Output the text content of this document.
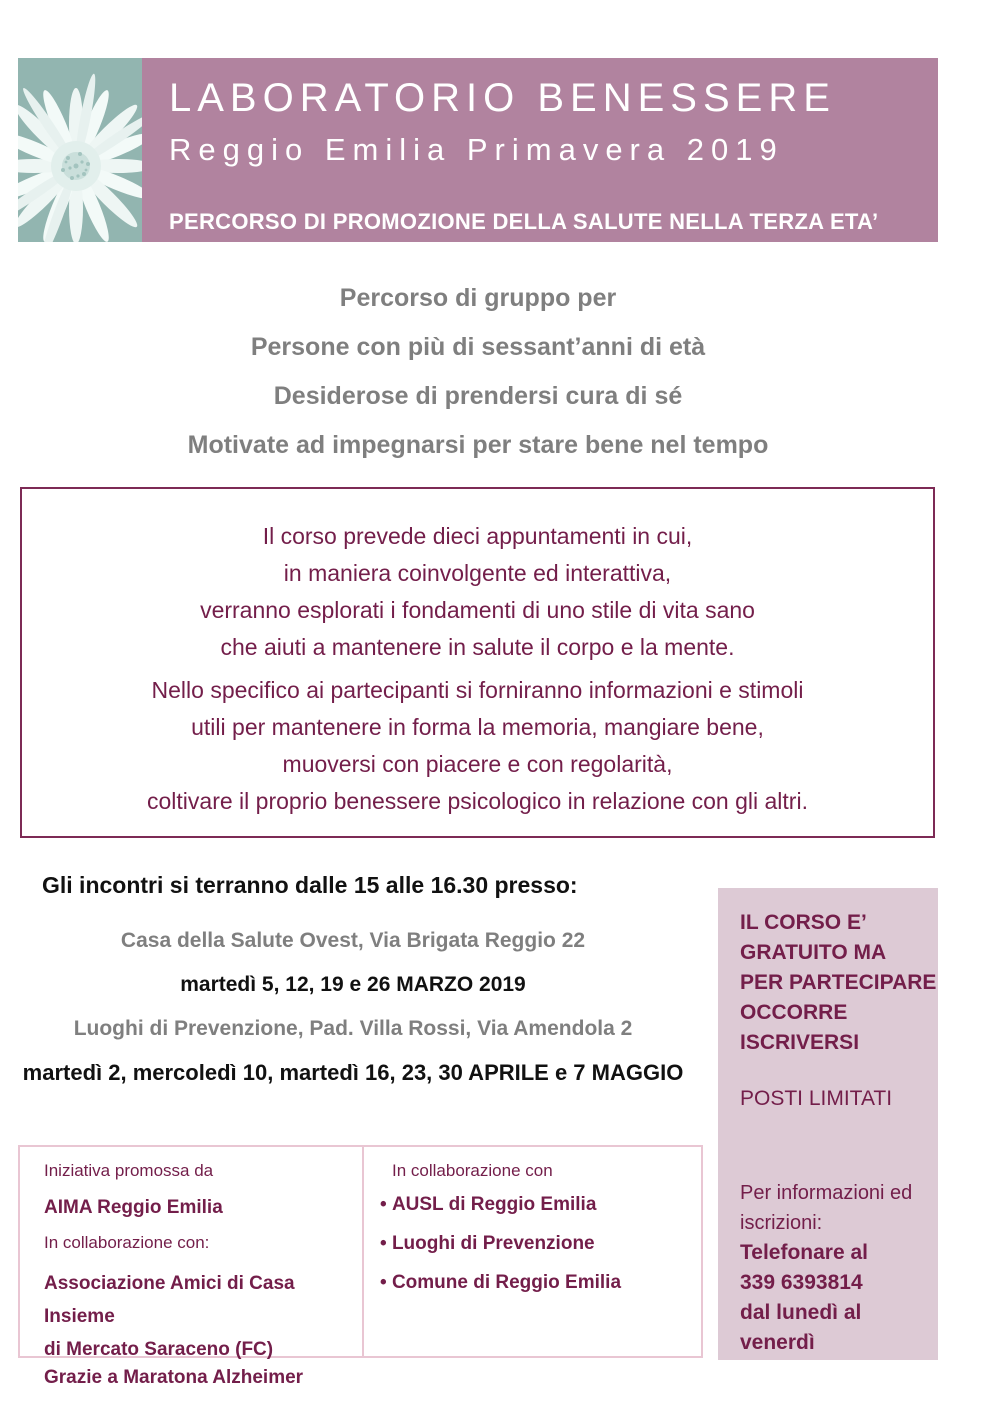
LABORATORIO BENESSERE
Reggio Emilia Primavera 2019
PERCORSO DI PROMOZIONE DELLA SALUTE NELLA TERZA ETA’

Percorso di gruppo per

Persone con più di sessant’anni di età

Desiderose di prendersi cura di sé

Motivate ad impegnarsi per stare bene nel tempo

Il corso prevede dieci appuntamenti in cui,
in maniera coinvolgente ed interattiva,
verranno esplorati i fondamenti di uno stile di vita sano
che aiuti a mantenere in salute il corpo e la mente.
Nello specifico ai partecipanti si forniranno informazioni e stimoli
utili per mantenere in forma la memoria, mangiare bene,
muoversi con piacere e con regolarità,
coltivare il proprio benessere psicologico in relazione con gli altri.

Gli incontri si terranno dalle 15 alle 16.30 presso:

Casa della Salute Ovest, Via Brigata Reggio 22

martedì 5, 12, 19 e 26 MARZO 2019

Luoghi di Prevenzione, Pad. Villa Rossi, Via Amendola 2

martedì 2, mercoledì 10, martedì 16, 23, 30 APRILE e 7 MAGGIO

IL CORSO E’
GRATUITO MA
PER PARTECIPARE
OCCORRE
ISCRIVERSI
POSTI LIMITATI
Per informazioni ed
iscrizioni:
Telefonare al
339 6393814
dal lunedì al
venerdì
Iniziativa promossa da
AIMA Reggio Emilia
In collaborazione con:
Associazione Amici di Casa Insieme
di Mercato Saraceno (FC)
Grazie a Maratona Alzheimer
In collaborazione con
• AUSL di Reggio Emilia
• Luoghi di Prevenzione
• Comune di Reggio Emilia
